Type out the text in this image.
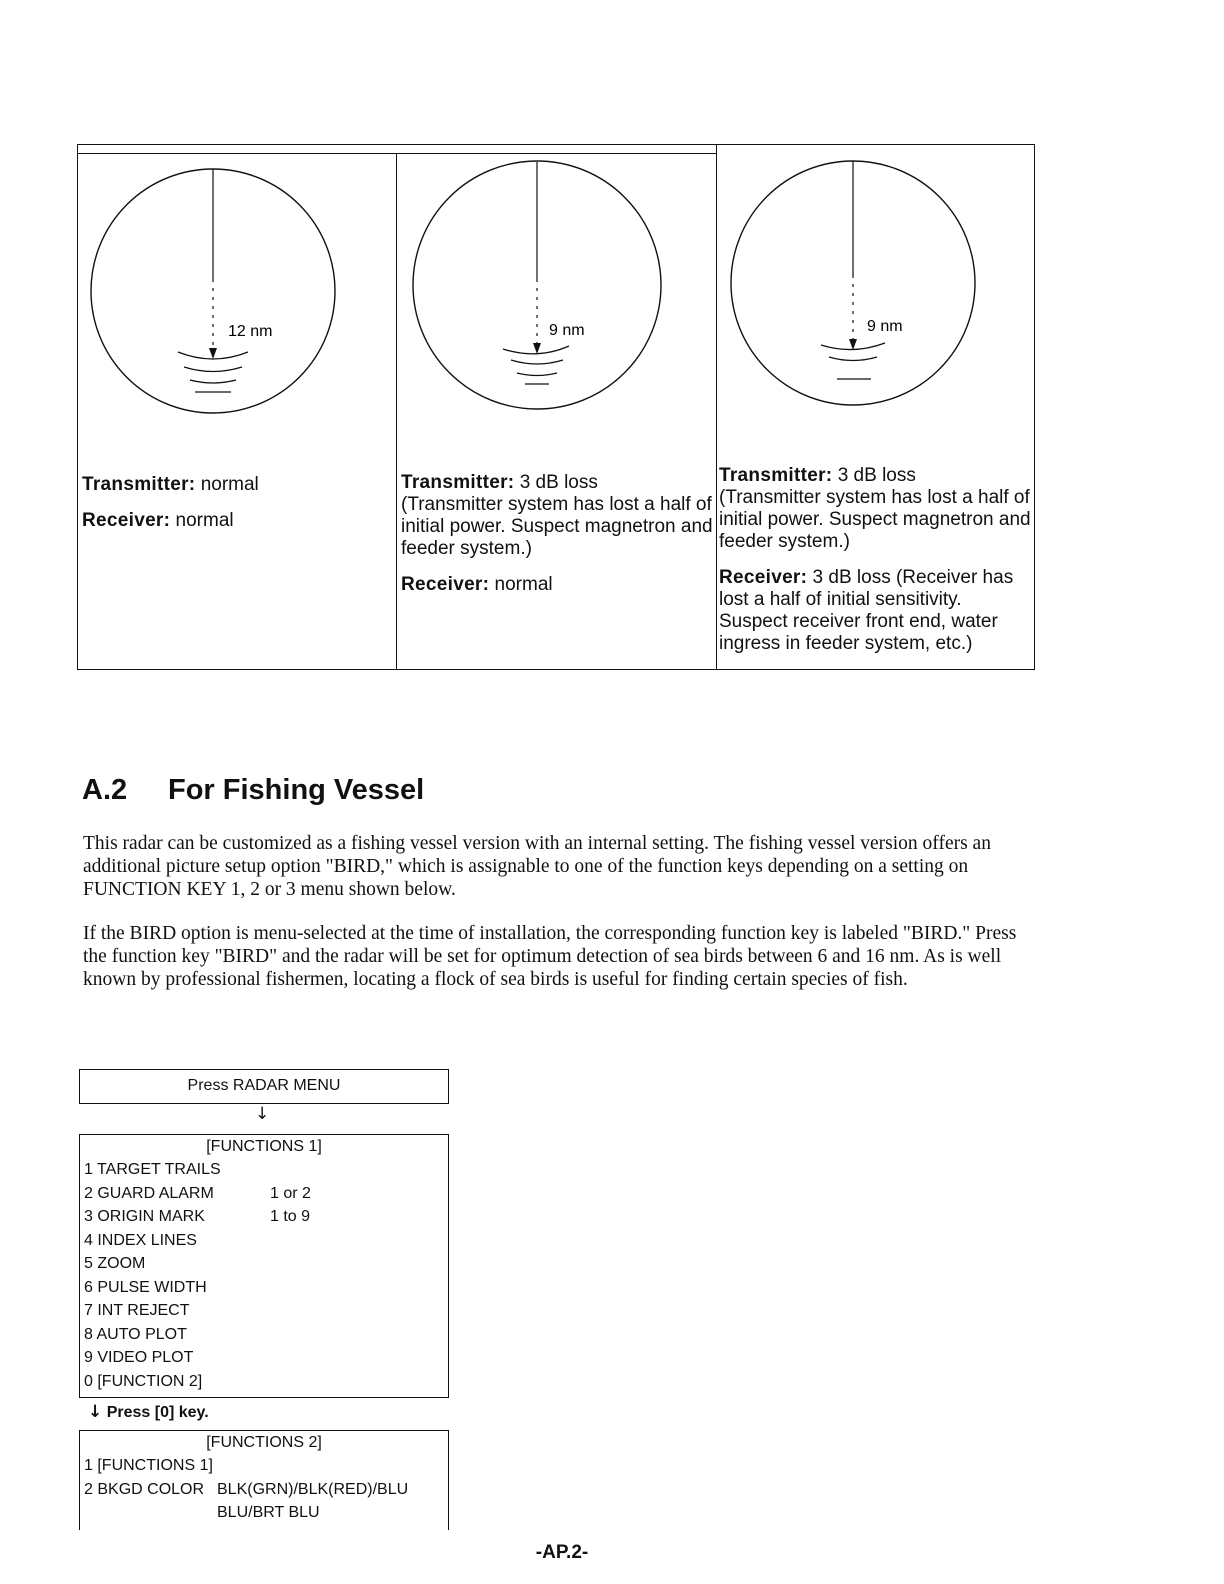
12 nm
Transmitter: normal
Receiver: normal
9 nm
Transmitter: 3 dB loss
(Transmitter system has lost a half of initial power. Suspect magnetron and feeder system.)
Receiver: normal
9 nm
Transmitter: 3 dB loss
(Transmitter system has lost a half of initial power. Suspect magnetron and feeder system.)
Receiver: 3 dB loss (Receiver has lost a half of initial sensitivity. Suspect receiver front end, water ingress in feeder system, etc.)
A.2 For Fishing Vessel

This radar can be customized as a fishing vessel version with an internal setting. The fishing vessel version offers an additional picture setup option "BIRD," which is assignable to one of the function keys depending on a setting on FUNCTION KEY 1, 2 or 3 menu shown below.

If the BIRD option is menu-selected at the time of installation, the corresponding function key is labeled "BIRD." Press the function key "BIRD" and the radar will be set for optimum detection of sea birds between 6 and 16 nm. As is well known by professional fishermen, locating a flock of sea birds is useful for finding certain species of fish.

Press RADAR MENU
↓
[FUNCTIONS 1]
1 TARGET TRAILS
2 GUARD ALARM	1 or 2
3 ORIGIN MARK	1 to 9
4 INDEX LINES
5 ZOOM
6 PULSE WIDTH
7 INT REJECT
8 AUTO PLOT
9 VIDEO PLOT
0 [FUNCTION 2]
↓ Press [0] key.
[FUNCTIONS 2]
1 [FUNCTIONS 1]
2 BKGD COLOR BLK(GRN)/BLK(RED)/BLU
BLU/BRT BLU
-AP.2-
